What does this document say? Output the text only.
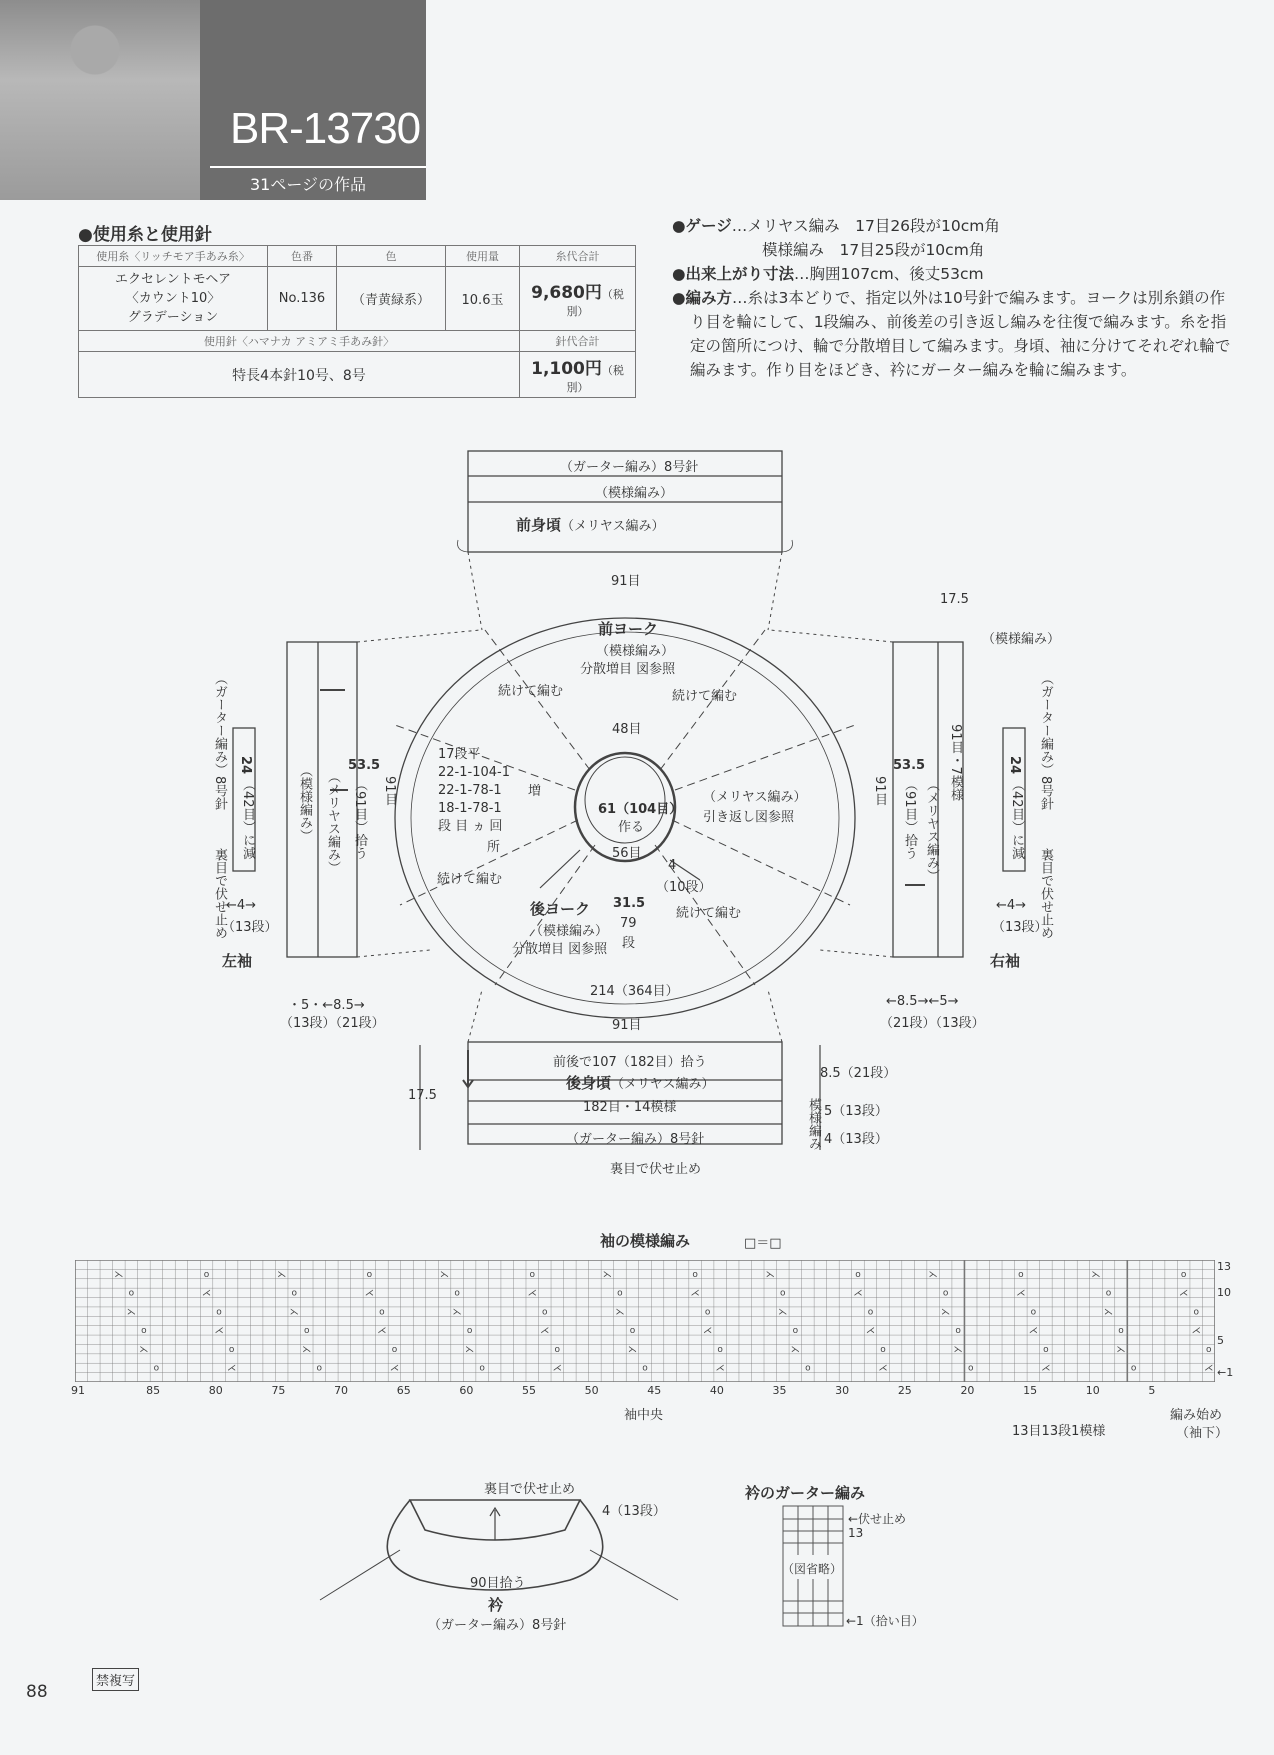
BR-13730
31ページの作品
●使用糸と使用針
使用糸〈リッチモア手あみ糸〉	色番	色	使用量	糸代合計

エクセレントモヘア
〈カウント10〉
グラデーション	No.136	（青黄緑系）	10.6玉	9,680円（税別）
使用針〈ハマナカ アミアミ手あみ針〉				針代合計
特長4本針10号、8号				1,100円（税別）

●ゲージ…メリヤス編み　17目26段が10cm角

模様編み　17目25段が10cm角

●出来上がり寸法…胸囲107cm、後丈53cm

●編み方…糸は3本どりで、指定以外は10号針で編みます。ヨークは別糸鎖の作り目を輪にして、1段編み、前後差の引き返し編みを往復で編みます。糸を指定の箇所につけ、輪で分散増目して編みます。身頃、袖に分けてそれぞれ輪で編みます。作り目をほどき、衿にガーター編みを輪に編みます。

（ガーター編み）8号針
（模様編み）
前身頃（メリヤス編み）
91目
前ヨーク
（模様編み）
分散増目 図参照
続けて編む	続けて編む
48目
17段平
22-1-104-1
22-1-78-1
18-1-78-1
段 目 ヵ 回
増
所
61（104目）
作る
（メリヤス編み）
引き返し図参照
56目
4
（10段）
続けて編む
続けて編む
31.5
79
段
後ヨーク
（模様編み）
分散増目 図参照
214（364目）
91目
91目	91目
前後で107（182目）拾う
後身頃（メリヤス編み）
182目・14模様
（ガーター編み）8号針
裏目で伏せ止め
8.5（21段）
5（13段）
4（13段）
模様編み
17.5
（ガーター編み）8号針 24
（42目）に減
裏目で伏せ止め
（模様編み） （メリヤス編み）
53.5
（91目）拾う
←4→
（13段）
左袖
・5・←8.5→
（13段）（21段）
17.5
（模様編み）
53.5
（91目）拾う （メリヤス編み）
91目・7模様	24
（42目）に減
（ガーター編み）8号針
裏目で伏せ止め
←4→
（13段）
右袖
←8.5→←5→
（21段）（13段）
袖の模様編み	□＝□
⋋	o	⋋	o	⋋	o	⋋	o	⋋	o	⋋	o	⋋	o
o	⋌	o	⋌	o	⋌	o	⋌	o	⋌	o	⋌	o	⋌
⋋	o	⋋	o	⋋	o	⋋	o	⋋	o	⋋	o	⋋	o
o	⋌	o	⋌	o	⋌	o	⋌	o	⋌	o	⋌	o	⋌
⋋	o	⋋	o	⋋	o	⋋	o	⋋	o	⋋	o	⋋	o
o	⋌	o	⋌	o	⋌	o	⋌	o	⋌	o	⋌	o	⋌
13
10
5
←1
91	85	80	75	70	65	60	55	50	45	40	35	30	25	20	15	10	5
袖中央
13目13段1模様
編み始め
（袖下）
裏目で伏せ止め
4（13段）
90目拾う
衿
（ガーター編み）8号針
衿のガーター編み
←伏せ止め
13
（図省略）
←1（拾い目）
禁複写
88
